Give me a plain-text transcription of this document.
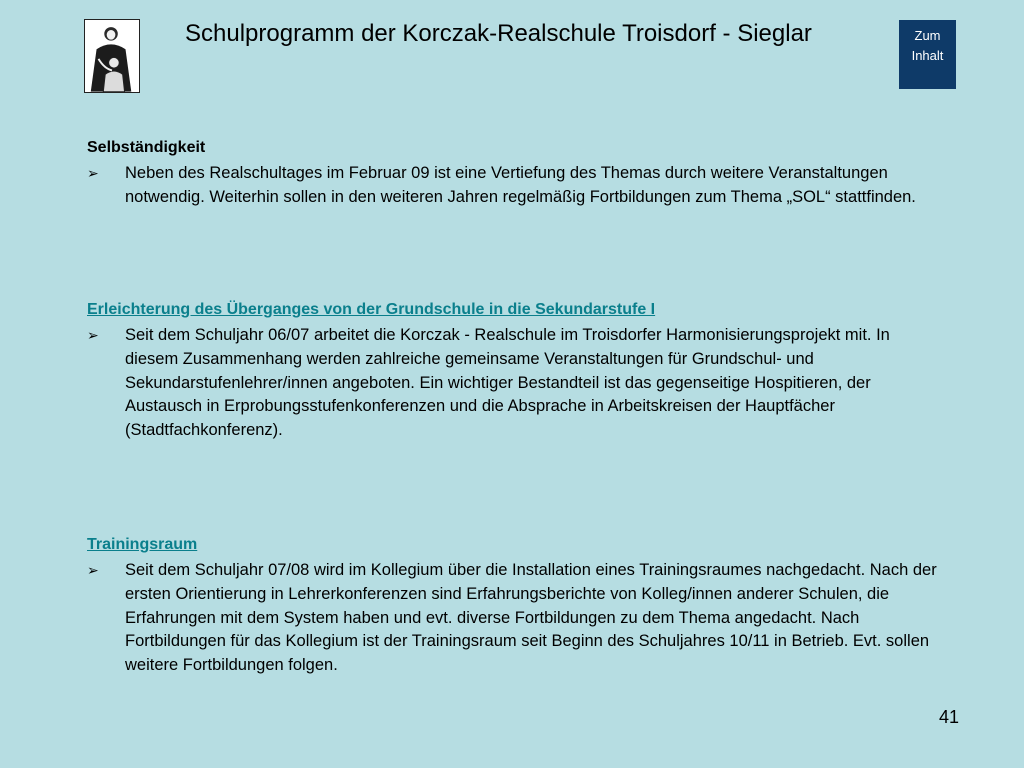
Schulprogramm der Korczak-Realschule Troisdorf - Sieglar	Zum
Inhalt

Selbständigkeit

➢ Neben des Realschultages im Februar 09 ist eine Vertiefung des Themas durch weitere Veranstaltungen notwendig. Weiterhin sollen in den weiteren Jahren regelmäßig Fortbildungen zum Thema „SOL“ stattfinden.

Erleichterung des Überganges von der Grundschule in die Sekundarstufe I

➢ Seit dem Schuljahr 06/07 arbeitet die Korczak - Realschule im Troisdorfer Harmonisierungsprojekt mit. In diesem Zusammenhang werden zahlreiche gemeinsame Veranstaltungen für Grundschul- und Sekundarstufenlehrer/innen angeboten. Ein wichtiger Bestandteil ist das gegenseitige Hospitieren, der Austausch in Erprobungsstufenkonferenzen und die Absprache in Arbeitskreisen der Hauptfächer (Stadtfachkonferenz).

Trainingsraum

➢ Seit dem Schuljahr 07/08 wird im Kollegium über die Installation eines Trainingsraumes nachgedacht. Nach der ersten Orientierung in Lehrerkonferenzen sind Erfahrungsberichte von Kolleg/innen anderer Schulen, die Erfahrungen mit dem System haben und evt. diverse Fortbildungen zu dem Thema angedacht. Nach Fortbildungen für das Kollegium ist der Trainingsraum seit Beginn des Schuljahres 10/11 in Betrieb. Evt. sollen weitere Fortbildungen folgen.
41
